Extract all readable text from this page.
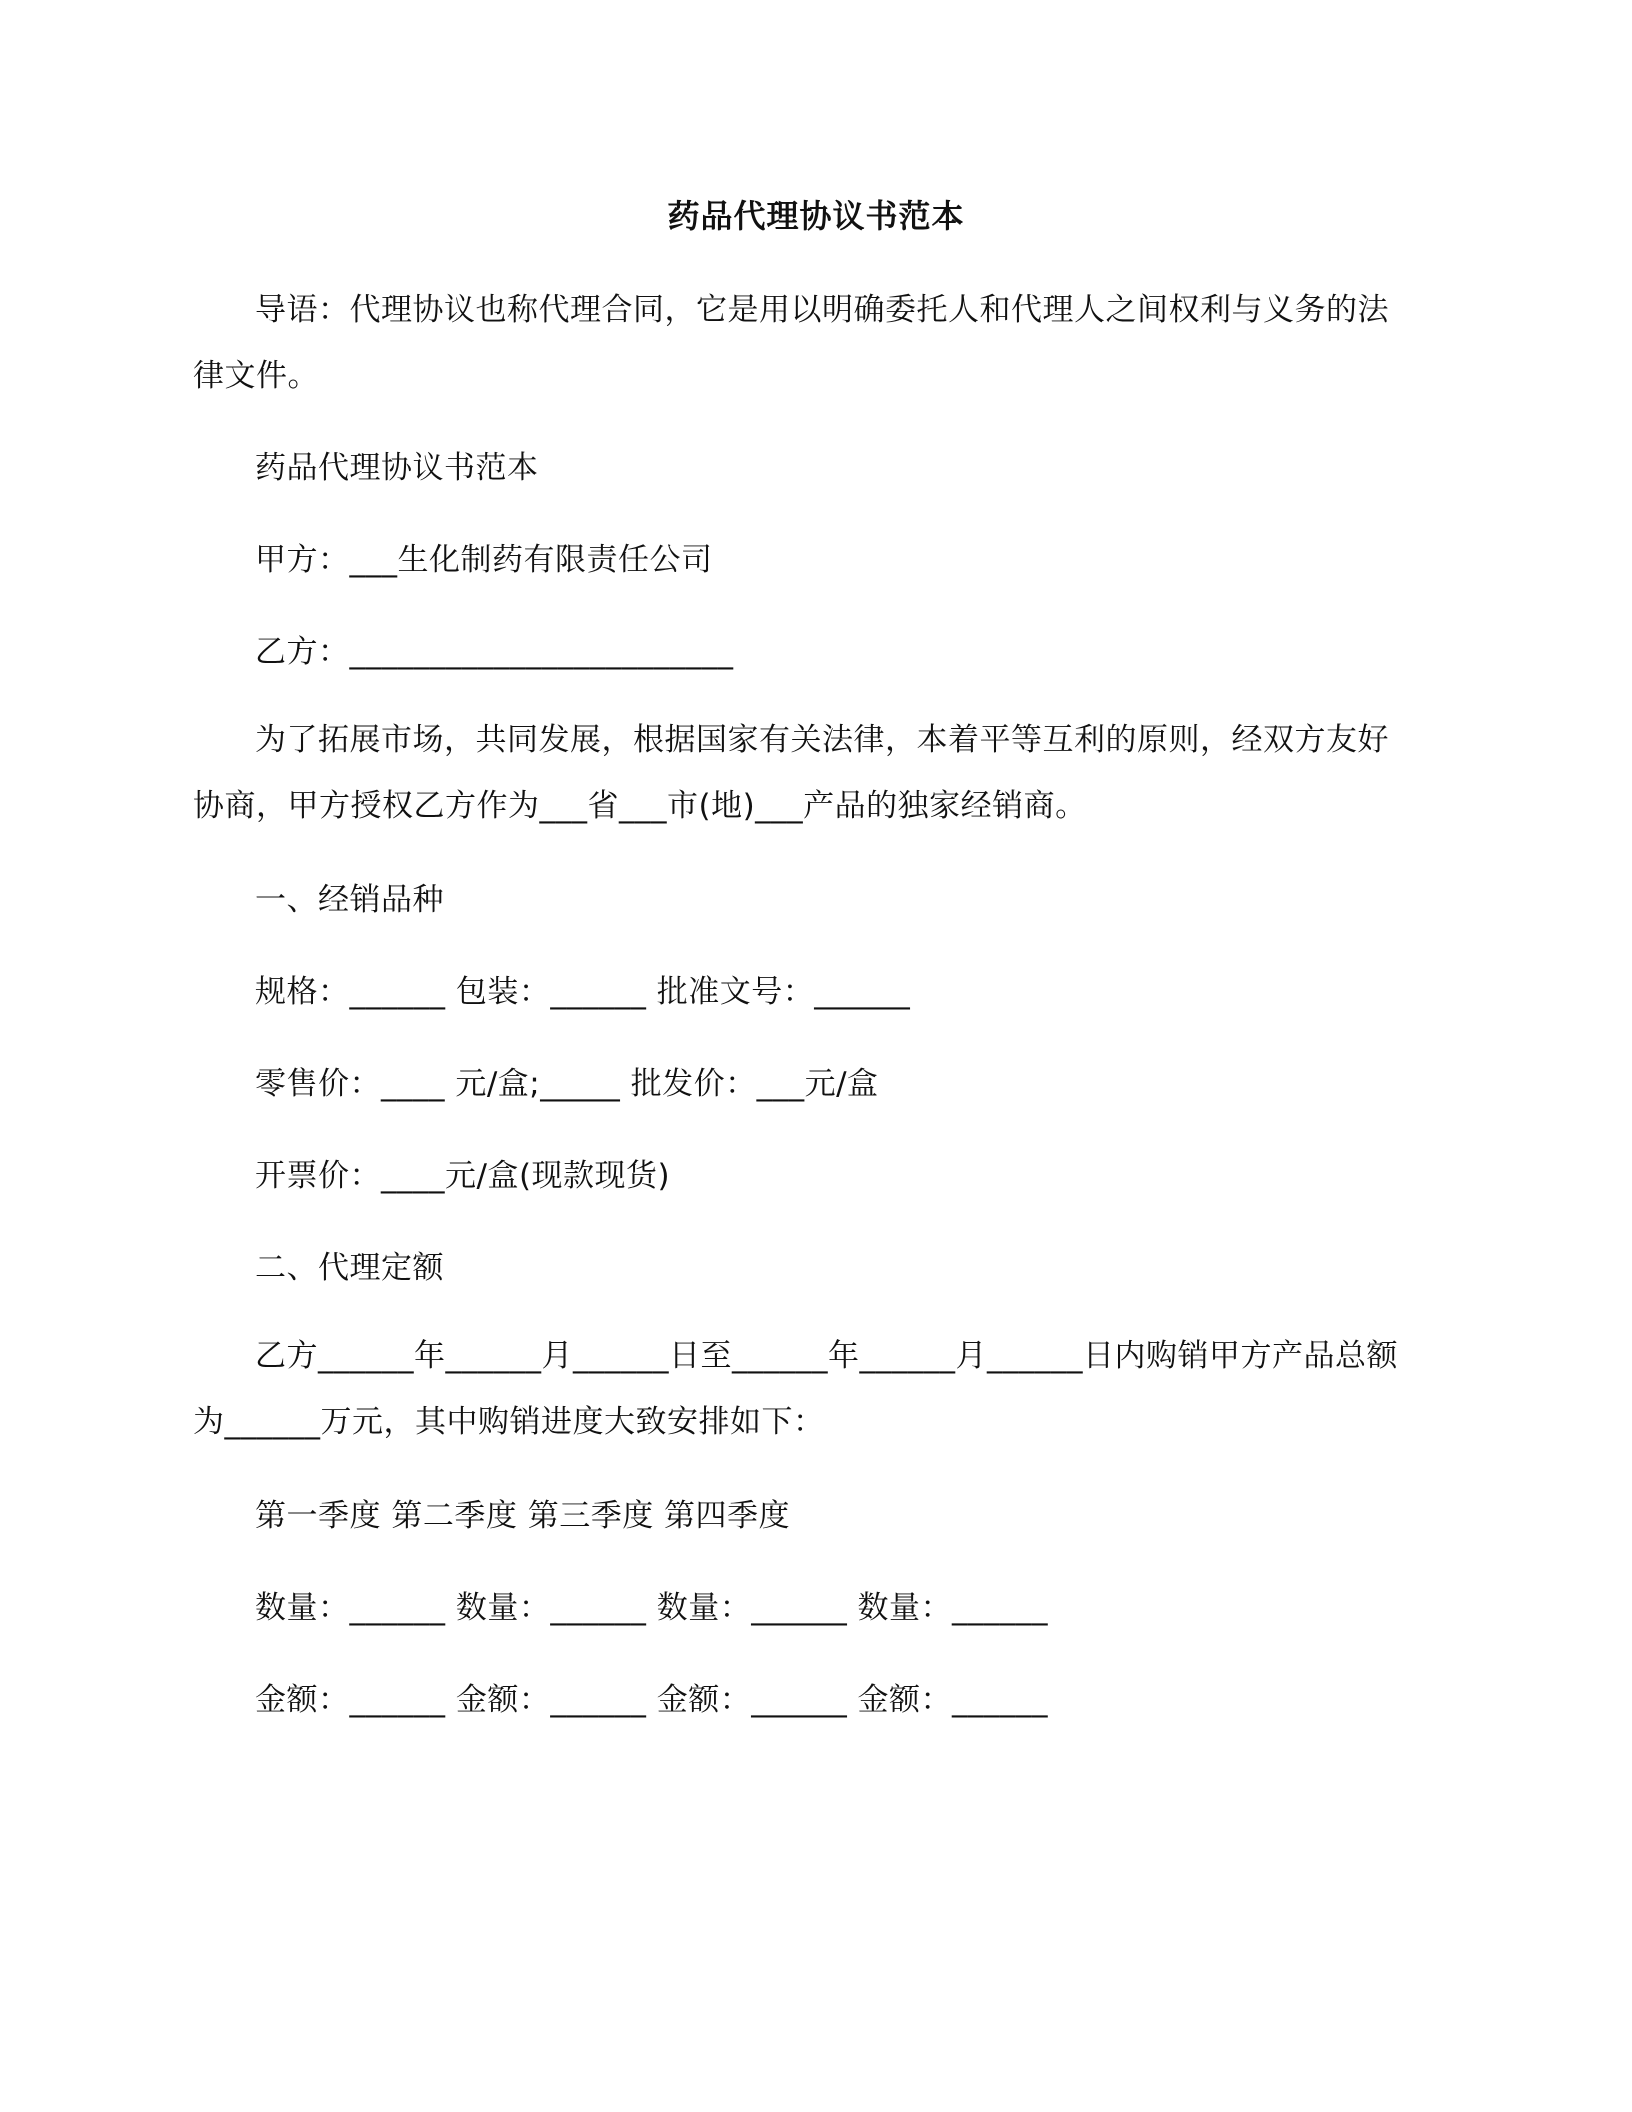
药品代理协议书范本
导语：代理协议也称代理合同，它是用以明确委托人和代理人之间权利与义务的法律文件。
药品代理协议书范本
甲方：___生化制药有限责任公司
乙方：________________________
为了拓展市场，共同发展，根据国家有关法律，本着平等互利的原则，经双方友好协商，甲方授权乙方作为___省___市(地)___产品的独家经销商。
一、经销品种
规格：______ 包装：______ 批准文号：______
零售价：____ 元/盒;_____ 批发价：___元/盒
开票价：____元/盒(现款现货)
二、代理定额
乙方______年______月______日至______年______月______日内购销甲方产品总额为______万元，其中购销进度大致安排如下：
第一季度 第二季度 第三季度 第四季度
数量：______ 数量：______ 数量：______ 数量：______
金额：______ 金额：______ 金额：______ 金额：______
